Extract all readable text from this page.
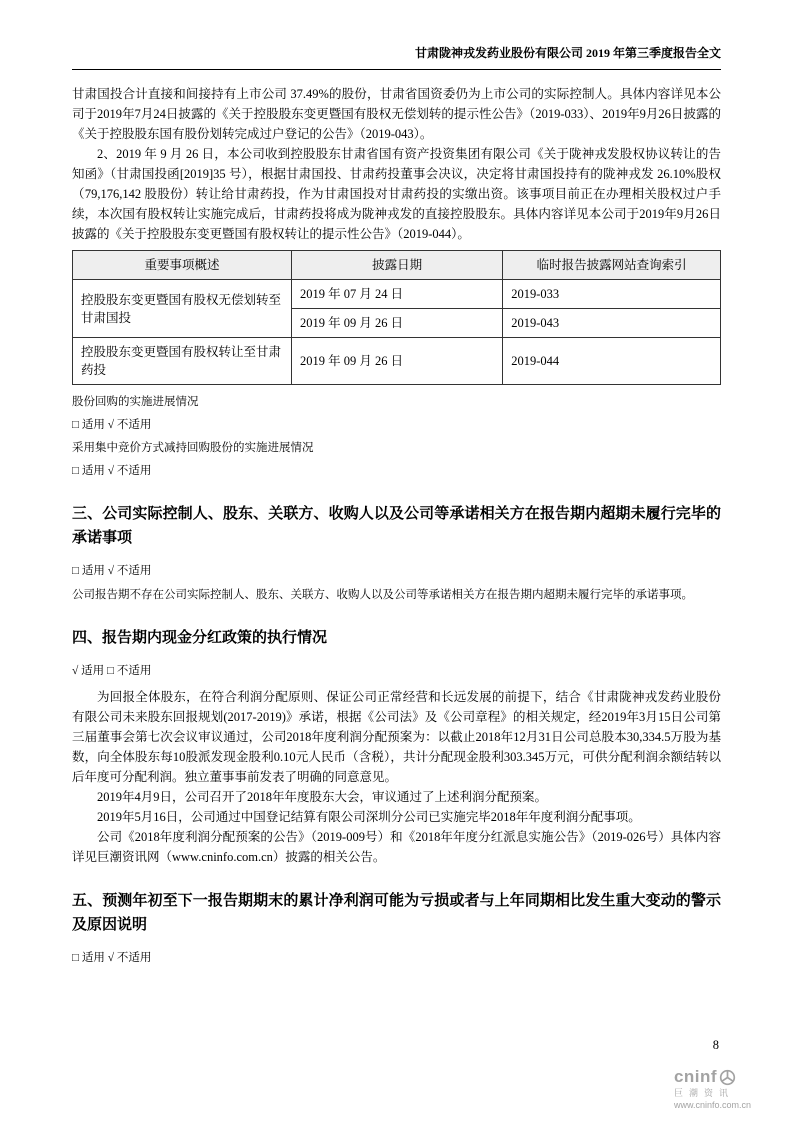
甘肃陇神戎发药业股份有限公司 2019 年第三季度报告全文

甘肃国投合计直接和间接持有上市公司 37.49%的股份，甘肃省国资委仍为上市公司的实际控制人。具体内容详见本公司于2019年7月24日披露的《关于控股股东变更暨国有股权无偿划转的提示性公告》（2019-033）、2019年9月26日披露的《关于控股股东国有股份划转完成过户登记的公告》（2019-043）。

2、2019 年 9 月 26 日，本公司收到控股股东甘肃省国有资产投资集团有限公司《关于陇神戎发股权协议转让的告知函》（甘肃国投函[2019]35 号），根据甘肃国投、甘肃药投董事会决议，决定将甘肃国投持有的陇神戎发 26.10%股权（79,176,142 股股份）转让给甘肃药投，作为甘肃国投对甘肃药投的实缴出资。该事项目前正在办理相关股权过户手续，本次国有股权转让实施完成后，甘肃药投将成为陇神戎发的直接控股股东。具体内容详见本公司于2019年9月26日披露的《关于控股股东变更暨国有股权转让的提示性公告》（2019-044）。

重要事项概述	披露日期	临时报告披露网站查询索引
控股股东变更暨国有股权无偿划转至甘肃国投	2019 年 07 月 24 日	2019-033
	2019 年 09 月 26 日	2019-043
控股股东变更暨国有股权转让至甘肃药投	2019 年 09 月 26 日	2019-044

股份回购的实施进展情况

□ 适用 √ 不适用

采用集中竞价方式减持回购股份的实施进展情况

□ 适用 √ 不适用

三、公司实际控制人、股东、关联方、收购人以及公司等承诺相关方在报告期内超期未履行完毕的承诺事项

□ 适用 √ 不适用

公司报告期不存在公司实际控制人、股东、关联方、收购人以及公司等承诺相关方在报告期内超期未履行完毕的承诺事项。

四、报告期内现金分红政策的执行情况

√ 适用 □ 不适用

为回报全体股东，在符合利润分配原则、保证公司正常经营和长远发展的前提下，结合《甘肃陇神戎发药业股份有限公司未来股东回报规划(2017-2019)》承诺，根据《公司法》及《公司章程》的相关规定，经2019年3月15日公司第三届董事会第七次会议审议通过，公司2018年度利润分配预案为：以截止2018年12月31日公司总股本30,334.5万股为基数，向全体股东每10股派发现金股利0.10元人民币（含税），共计分配现金股利303.345万元，可供分配利润余额结转以后年度可分配利润。独立董事事前发表了明确的同意意见。

2019年4月9日，公司召开了2018年年度股东大会，审议通过了上述利润分配预案。

2019年5月16日，公司通过中国登记结算有限公司深圳分公司已实施完毕2018年年度利润分配事项。

公司《2018年度利润分配预案的公告》（2019-009号）和《2018年年度分红派息实施公告》（2019-026号）具体内容详见巨潮资讯网（www.cninfo.com.cn）披露的相关公告。

五、预测年初至下一报告期期末的累计净利润可能为亏损或者与上年同期相比发生重大变动的警示及原因说明

□ 适用 √ 不适用

8
cninf
巨潮资讯
www.cninfo.com.cn
